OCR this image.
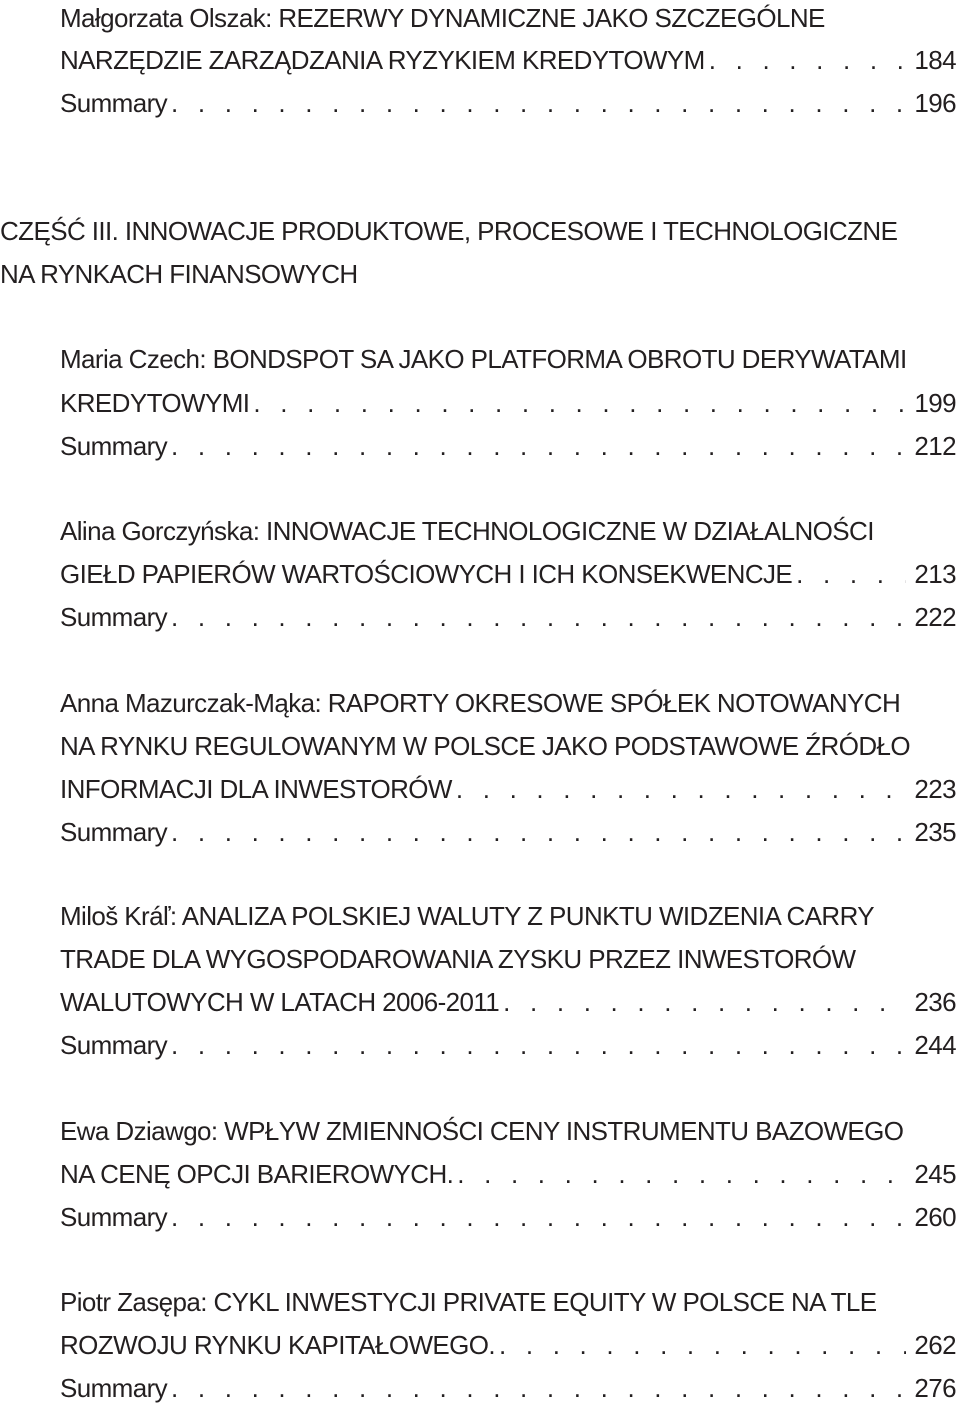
Małgorzata Olszak: REZERWY DYNAMICZNE JAKO SZCZEGÓLNE
NARZĘDZIE ZARZĄDZANIA RYZYKIEM KREDYTOWYM . . .	184
Summary . . .	196
CZĘŚĆ III. INNOWACJE PRODUKTOWE, PROCESOWE I TECHNOLOGICZNE
NA RYNKACH FINANSOWYCH
Maria Czech: BONDSPOT SA JAKO PLATFORMA OBROTU DERYWATAMI
KREDYTOWYMI . . .	199
Summary . . .	212
Alina Gorczyńska: INNOWACJE TECHNOLOGICZNE W DZIAŁALNOŚCI
GIEŁD PAPIERÓW WARTOŚCIOWYCH I ICH KONSEKWENCJE . . .	213
Summary . . .	222
Anna Mazurczak-Mąka: RAPORTY OKRESOWE SPÓŁEK NOTOWANYCH
NA RYNKU REGULOWANYM W POLSCE JAKO PODSTAWOWE ŹRÓDŁO
INFORMACJI DLA INWESTORÓW . . .	223
Summary . . .	235
Miloš Kráľ: ANALIZA POLSKIEJ WALUTY Z PUNKTU WIDZENIA CARRY
TRADE DLA WYGOSPODAROWANIA ZYSKU PRZEZ INWESTORÓW
WALUTOWYCH W LATACH 2006-2011 . . .	236
Summary . . .	244
Ewa Dziawgo: WPŁYW ZMIENNOŚCI CENY INSTRUMENTU BAZOWEGO
NA CENĘ OPCJI BARIEROWYCH. . . .	245
Summary . . .	260
Piotr Zasępa: CYKL INWESTYCJI PRIVATE EQUITY W POLSCE NA TLE
ROZWOJU RYNKU KAPITAŁOWEGO. . . .	262
Summary . . .	276
